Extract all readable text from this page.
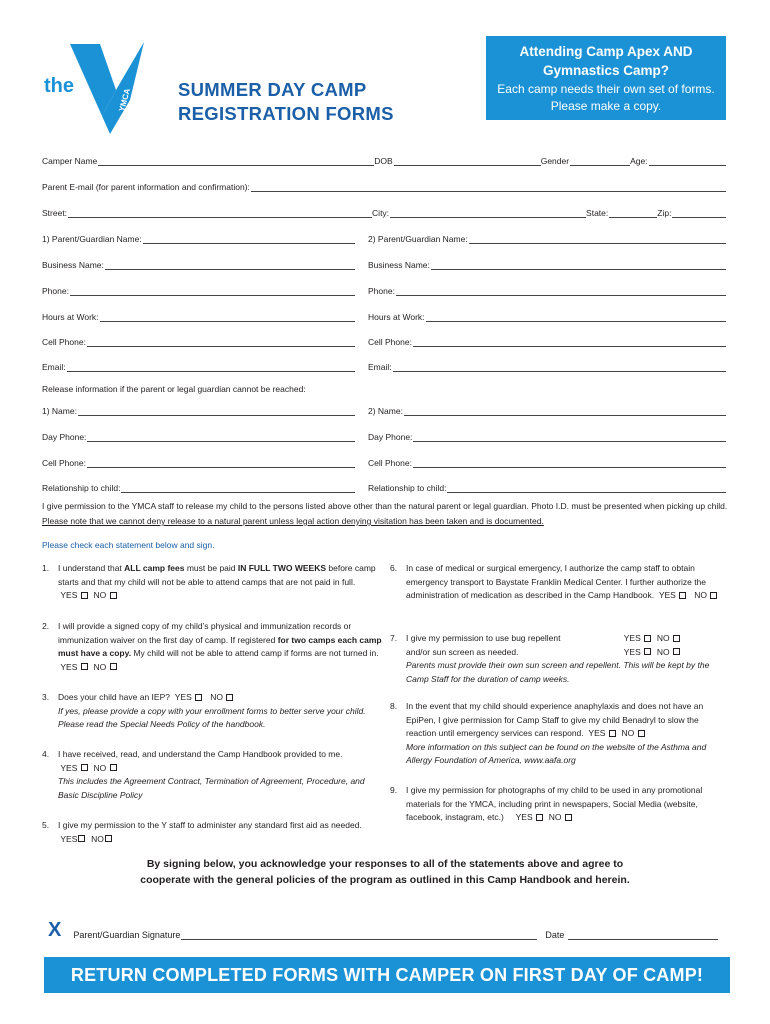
the
YMCA SUMMER DAY CAMP
REGISTRATION FORMS
Attending Camp Apex AND
Gymnastics Camp?
Each camp needs their own set of forms.
Please make a copy.
Camper Name	DOB	Gender	Age:
Parent E-mail (for parent information and confirmation):
Street:	City:	State:	Zip:
1) Parent/Guardian Name:	2) Parent/Guardian Name:
Business Name:	Business Name:
Phone:	Phone:
Hours at Work:	Hours at Work:
Cell Phone:	Cell Phone:
Email:	Email:
Release information if the parent or legal guardian cannot be reached:
1) Name:	2) Name:
Day Phone:	Day Phone:
Cell Phone:	Cell Phone:
Relationship to child:	Relationship to child:
I give permission to the YMCA staff to release my child to the persons listed above other than the natural parent or legal guardian. Photo I.D. must be presented when picking up child. Please note that we cannot deny release to a natural parent unless legal action denying visitation has been taken and is documented.
Please check each statement below and sign.
1. I understand that ALL camp fees must be paid IN FULL TWO WEEKS before camp starts and that my child will not be able to attend camps that are not paid in full.  YES NO
2. I will provide a signed copy of my child’s physical and immunization records or immunization waiver on the first day of camp. If registered for two camps each camp must have a copy. My child will not be able to attend camp if forms are not turned in.  YES NO
3. Does your child have an IEP? YES NO
If yes, please provide a copy with your enrollment forms to better serve your child. Please read the Special Needs Policy of the handbook.
4. I have received, read, and understand the Camp Handbook provided to me.  YES NO
This includes the Agreement Contract, Termination of Agreement, Procedure, and Basic Discipline Policy
5. I give my permission to the Y staff to administer any standard first aid as needed.  YES NO
6. In case of medical or surgical emergency, I authorize the camp staff to obtain emergency transport to Baystate Franklin Medical Center. I further authorize the administration of medication as described in the Camp Handbook. YES NO
7. I give my permission to use bug repellent	YES NO
and/or sun screen as needed.	YES NO
Parents must provide their own sun screen and repellent. This will be kept by the Camp Staff for the duration of camp weeks.
8. In the event that my child should experience anaphylaxis and does not have an EpiPen, I give permission for Camp Staff to give my child Benadryl to slow the reaction until emergency services can respond. YES NO
More information on this subject can be found on the website of the Asthma and Allergy Foundation of America, www.aafa.org
9. I give my permission for photographs of my child to be used in any promotional materials for the YMCA, including print in newspapers, Social Media (website, facebook, instagram, etc.) YES NO
By signing below, you acknowledge your responses to all of the statements above and agree to
cooperate with the general policies of the program as outlined in this Camp Handbook and herein.
X Parent/Guardian Signature	Date
RETURN COMPLETED FORMS WITH CAMPER ON FIRST DAY OF CAMP!
